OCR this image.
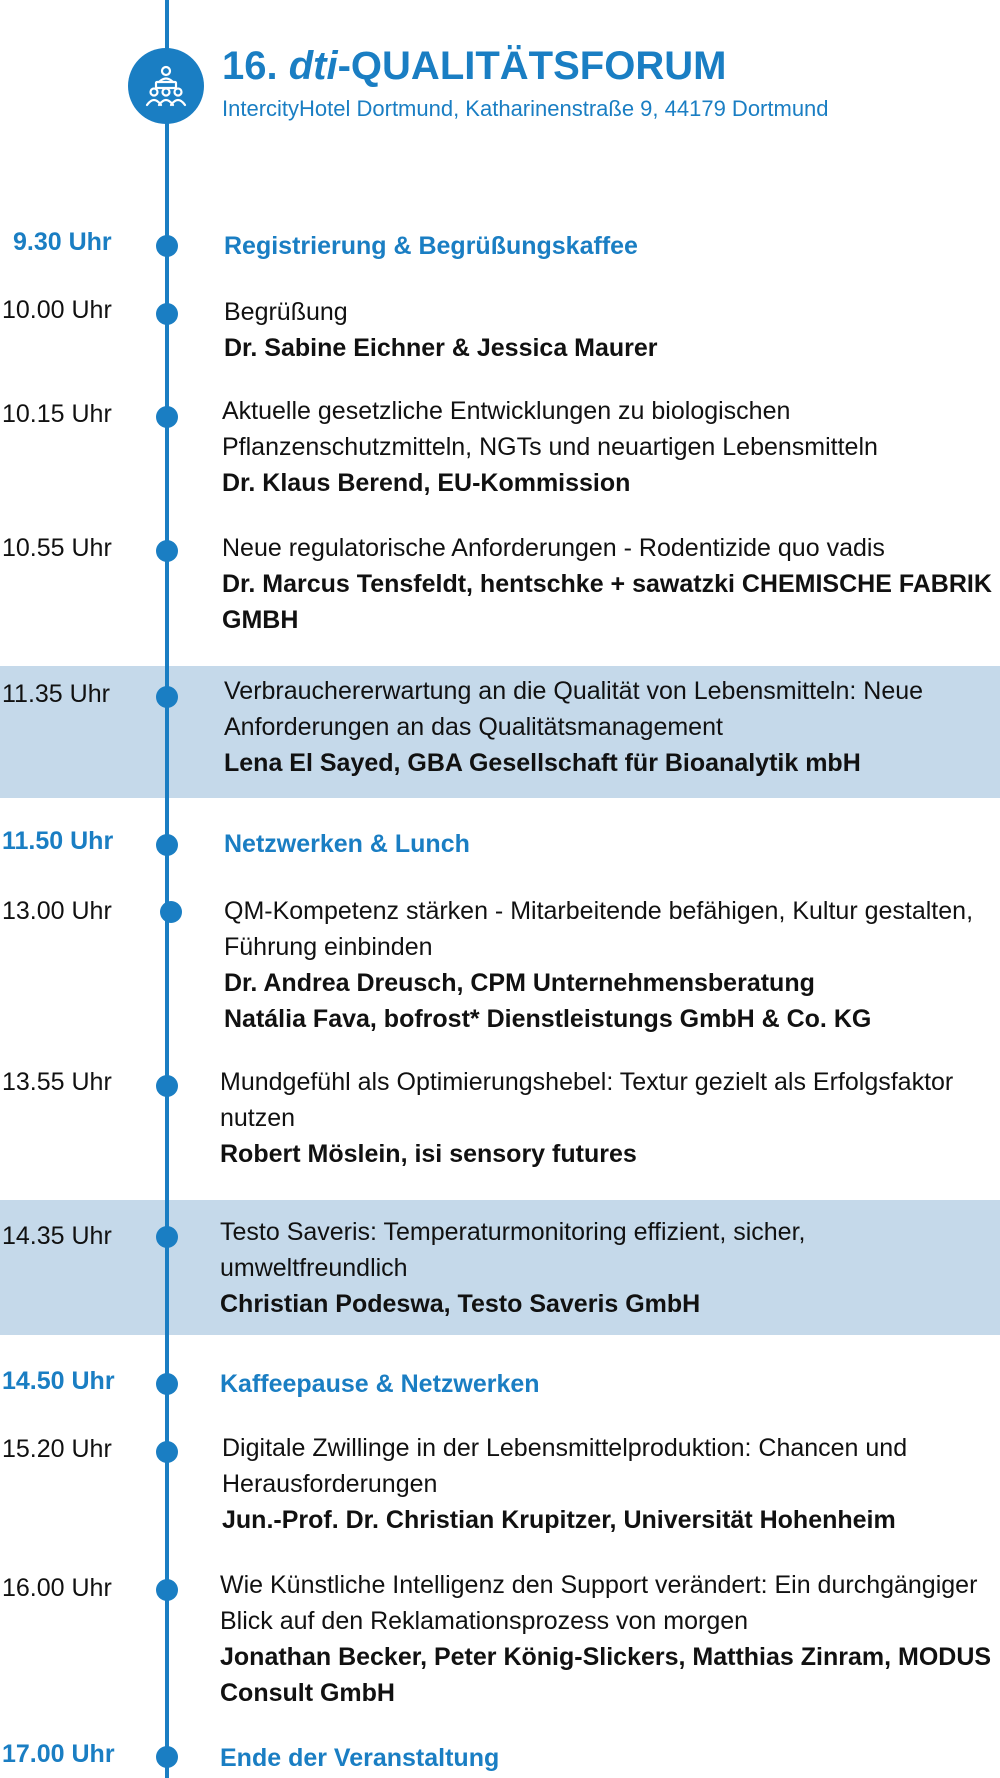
16. dti-QUALITÄTSFORUM
IntercityHotel Dortmund, Katharinenstraße 9, 44179 Dortmund
9.30 Uhr	Registrierung & Begrüßungskaffee
10.00 Uhr	Begrüßung
Dr. Sabine Eichner & Jessica Maurer
10.15 Uhr	Aktuelle gesetzliche Entwicklungen zu biologischen Pflanzenschutzmitteln, NGTs und neuartigen Lebensmitteln
Dr. Klaus Berend, EU-Kommission
10.55 Uhr	Neue regulatorische Anforderungen - Rodentizide quo vadis
Dr. Marcus Tensfeldt, hentschke + sawatzki CHEMISCHE FABRIK GMBH
11.35 Uhr	Verbrauchererwartung an die Qualität von Lebensmitteln: Neue Anforderungen an das Qualitätsmanagement
Lena El Sayed, GBA Gesellschaft für Bioanalytik mbH
11.50 Uhr	Netzwerken & Lunch
13.00 Uhr	QM-Kompetenz stärken - Mitarbeitende befähigen, Kultur gestalten, Führung einbinden
Dr. Andrea Dreusch, CPM Unternehmensberatung
Natália Fava, bofrost* Dienstleistungs GmbH & Co. KG
13.55 Uhr	Mundgefühl als Optimierungshebel: Textur gezielt als Erfolgsfaktor nutzen
Robert Möslein, isi sensory futures
14.35 Uhr	Testo Saveris: Temperaturmonitoring effizient, sicher, umweltfreundlich
Christian Podeswa, Testo Saveris GmbH
14.50 Uhr	Kaffeepause & Netzwerken
15.20 Uhr	Digitale Zwillinge in der Lebensmittelproduktion: Chancen und Herausforderungen
Jun.-Prof. Dr. Christian Krupitzer, Universität Hohenheim
16.00 Uhr	Wie Künstliche Intelligenz den Support verändert: Ein durchgängiger Blick auf den Reklamationsprozess von morgen
Jonathan Becker, Peter König-Slickers, Matthias Zinram, MODUS Consult GmbH
17.00 Uhr	Ende der Veranstaltung
